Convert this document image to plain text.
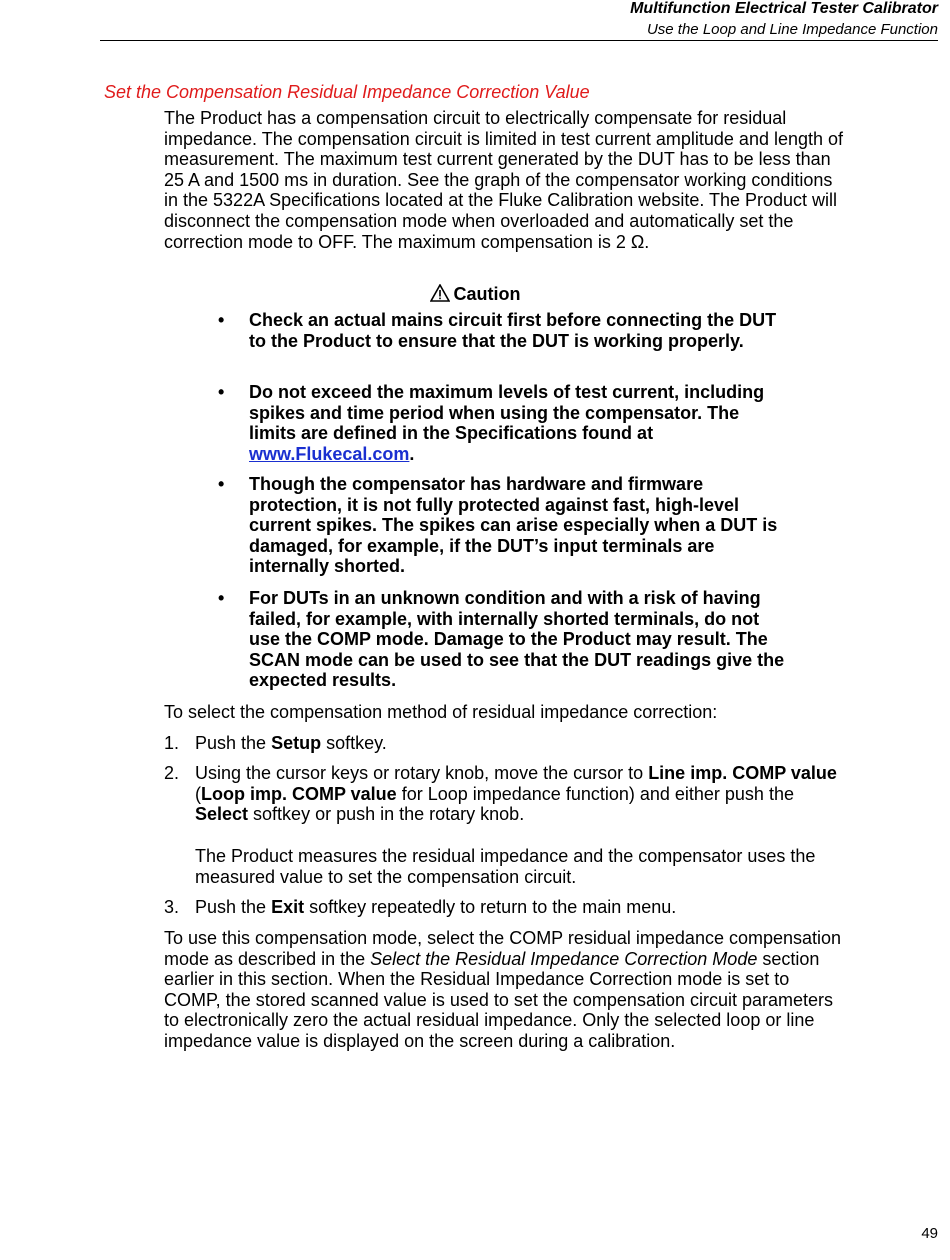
Multifunction Electrical Tester Calibrator
Use the Loop and Line Impedance Function
Set the Compensation Residual Impedance Correction Value
The Product has a compensation circuit to electrically compensate for residual impedance. The compensation circuit is limited in test current amplitude and length of measurement. The maximum test current generated by the DUT has to be less than 25 A and 1500 ms in duration. See the graph of the compensator working conditions in the 5322A Specifications located at the Fluke Calibration website. The Product will disconnect the compensation mode when overloaded and automatically set the correction mode to OFF. The maximum compensation is 2 Ω.
Caution
• Check an actual mains circuit first before connecting the DUT to the Product to ensure that the DUT is working properly.
• Do not exceed the maximum levels of test current, including spikes and time period when using the compensator. The limits are defined in the Specifications found at www.Flukecal.com.
• Though the compensator has hardware and firmware protection, it is not fully protected against fast, high-level current spikes. The spikes can arise especially when a DUT is damaged, for example, if the DUT’s input terminals are internally shorted.
• For DUTs in an unknown condition and with a risk of having failed, for example, with internally shorted terminals, do not use the COMP mode. Damage to the Product may result. The SCAN mode can be used to see that the DUT readings give the expected results.
To select the compensation method of residual impedance correction:
1. Push the Setup softkey.
2. Using the cursor keys or rotary knob, move the cursor to Line imp. COMP value (Loop imp. COMP value for Loop impedance function) and either push the Select softkey or push in the rotary knob.
The Product measures the residual impedance and the compensator uses the measured value to set the compensation circuit.
3. Push the Exit softkey repeatedly to return to the main menu.
To use this compensation mode, select the COMP residual impedance compensation mode as described in the Select the Residual Impedance Correction Mode section earlier in this section. When the Residual Impedance Correction mode is set to COMP, the stored scanned value is used to set the compensation circuit parameters to electronically zero the actual residual impedance. Only the selected loop or line impedance value is displayed on the screen during a calibration.
49
